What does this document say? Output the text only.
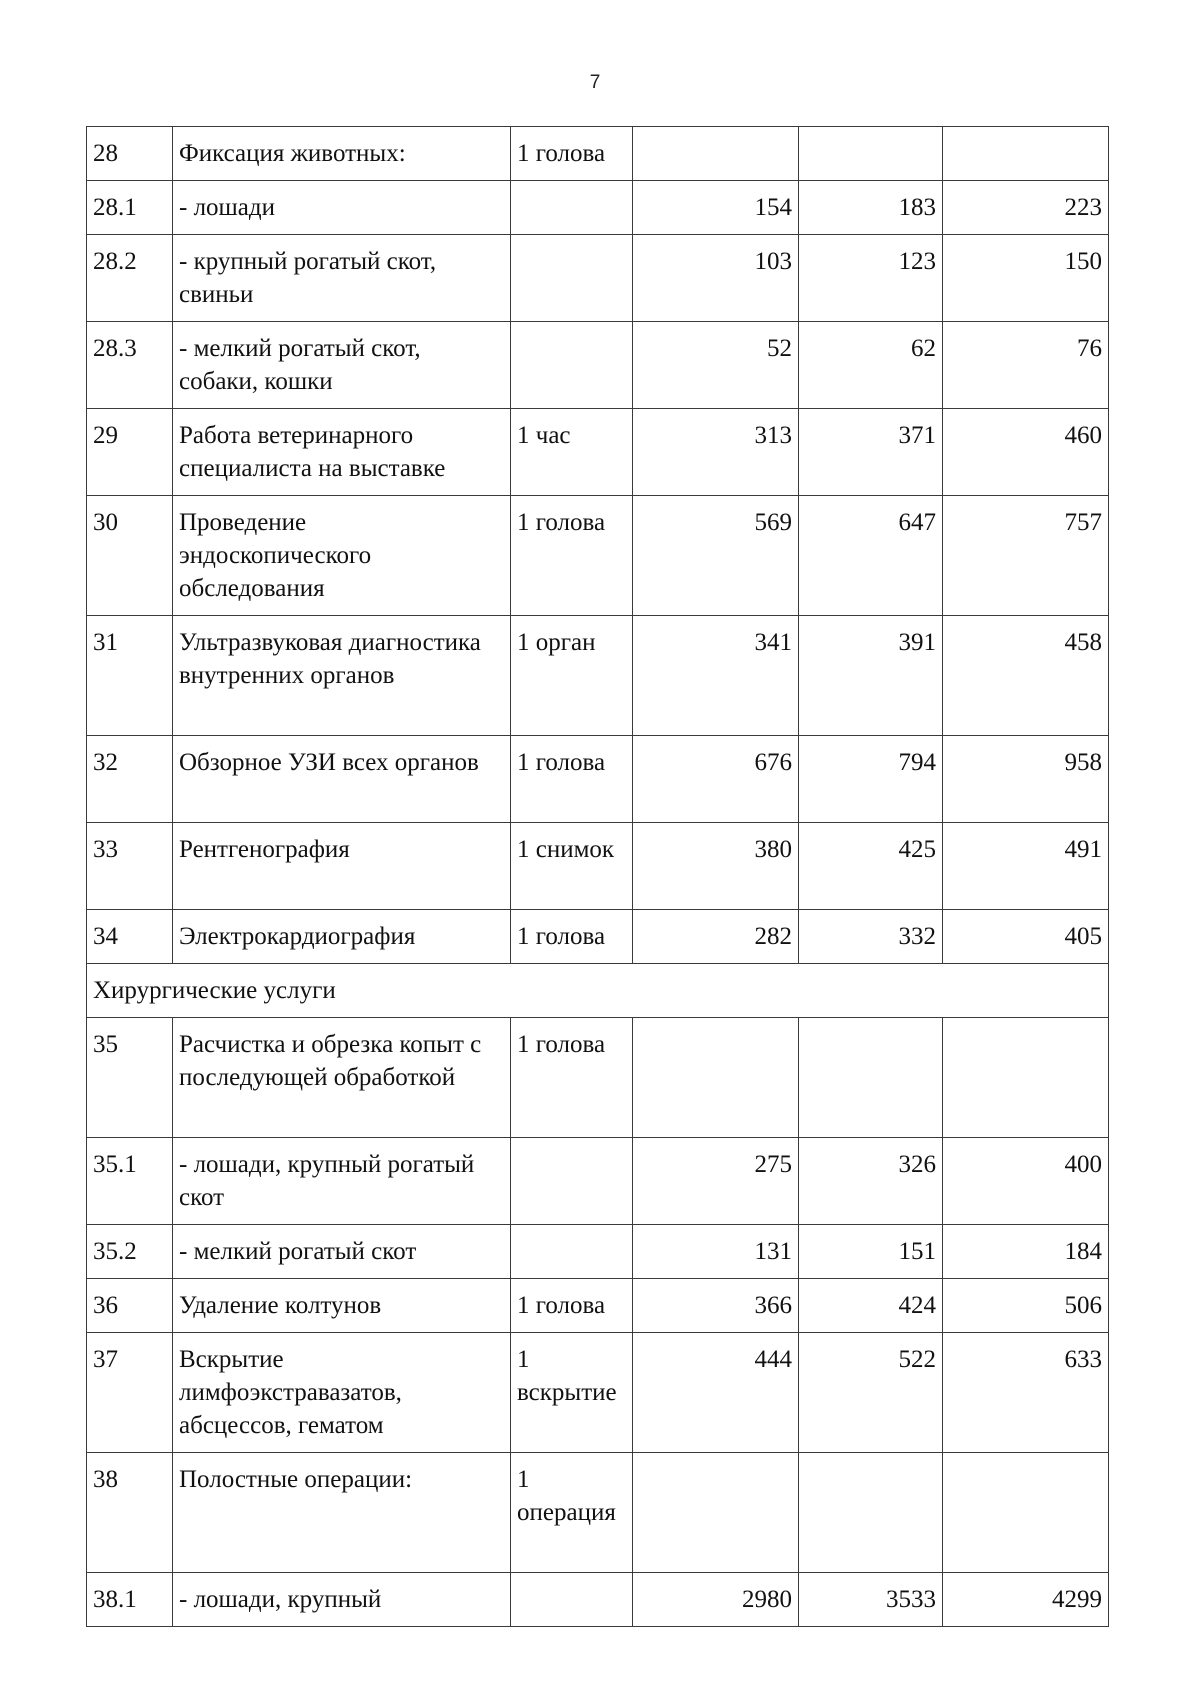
7
28	Фиксация животных:	1 голова			
28.1	- лошади		154	183	223
28.2	- крупный рогатый скот, свиньи		103	123	150
28.3	- мелкий рогатый скот, собаки, кошки		52	62	76
29	Работа ветеринарного специалиста на выставке	1 час	313	371	460
30	Проведение эндоскопического обследования	1 голова	569	647	757
31	Ультразвуковая диагностика внутренних органов	1 орган	341	391	458
32	Обзорное УЗИ всех органов	1 голова	676	794	958
33	Рентгенография	1 снимок	380	425	491
34	Электрокардиография	1 голова	282	332	405
Хирургические услуги					
35	Расчистка и обрезка копыт с последующей обработкой	1 голова			
35.1	- лошади, крупный рогатый скот		275	326	400
35.2	- мелкий рогатый скот		131	151	184
36	Удаление колтунов	1 голова	366	424	506
37	Вскрытие лимфоэкстравазатов, абсцессов, гематом	1 вскрытие	444	522	633
38	Полостные операции:	1 операция			
38.1	- лошади, крупный		2980	3533	4299
